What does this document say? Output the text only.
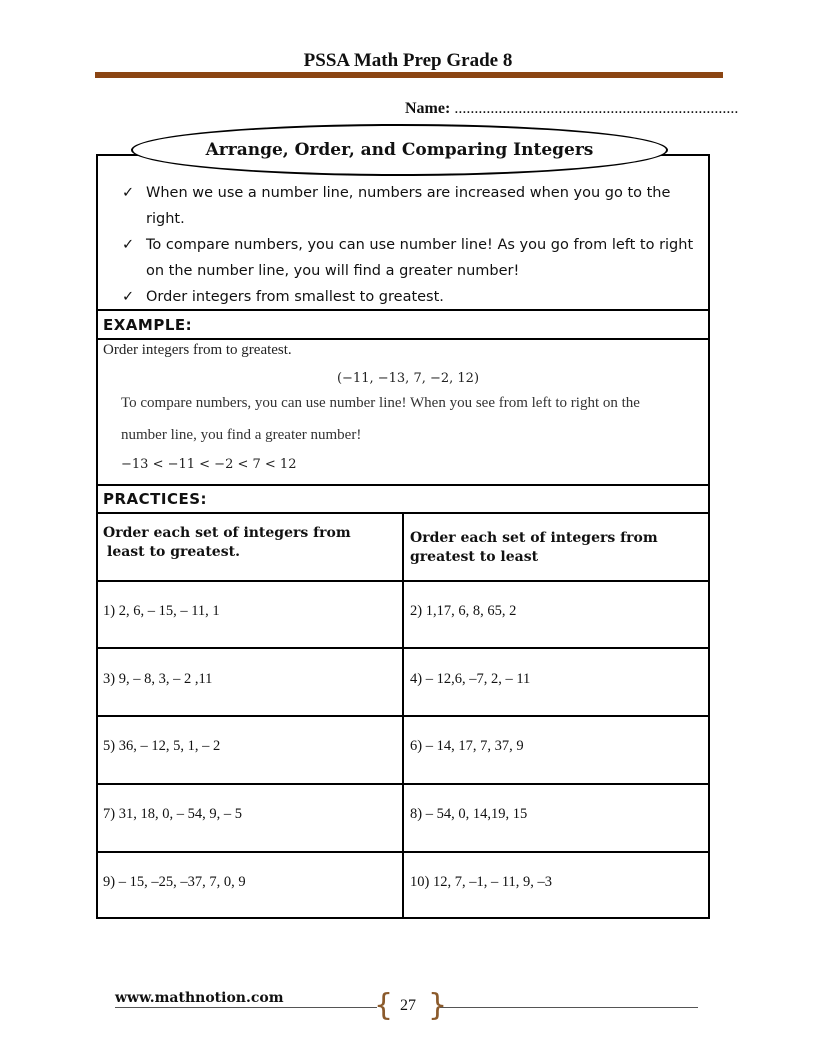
PSSA Math Prep Grade 8
Name: .......................................................................
Arrange, Order, and Comparing Integers
✓ When we use a number line, numbers are increased when you go to the
right.
✓ To compare numbers, you can use number line! As you go from left to right
on the number line, you will find a greater number!
✓ Order integers from smallest to greatest.
EXAMPLE:
Order integers from to greatest.
(−11, −13, 7, −2, 12)
To compare numbers, you can use number line! When you see from left to right on the
number line, you find a greater number!
−13 < −11 < −2 < 7 < 12
PRACTICES:
Order each set of integers from
least to greatest.
Order each set of integers from
greatest to least
1) 2, 6, – 15, – 11, 1	2) 1,17, 6, 8, 65, 2
3) 9, – 8, 3, – 2 ,11	4) – 12,6, –7, 2, – 11
5) 36, – 12, 5, 1, – 2	6) – 14, 17, 7, 37, 9
7) 31, 18, 0, – 54, 9, – 5	8) – 54, 0, 14,19, 15
9) – 15, –25, –37, 7, 0, 9	10) 12, 7, –1, – 11, 9, –3
www.mathnotion.com	{ }
27
